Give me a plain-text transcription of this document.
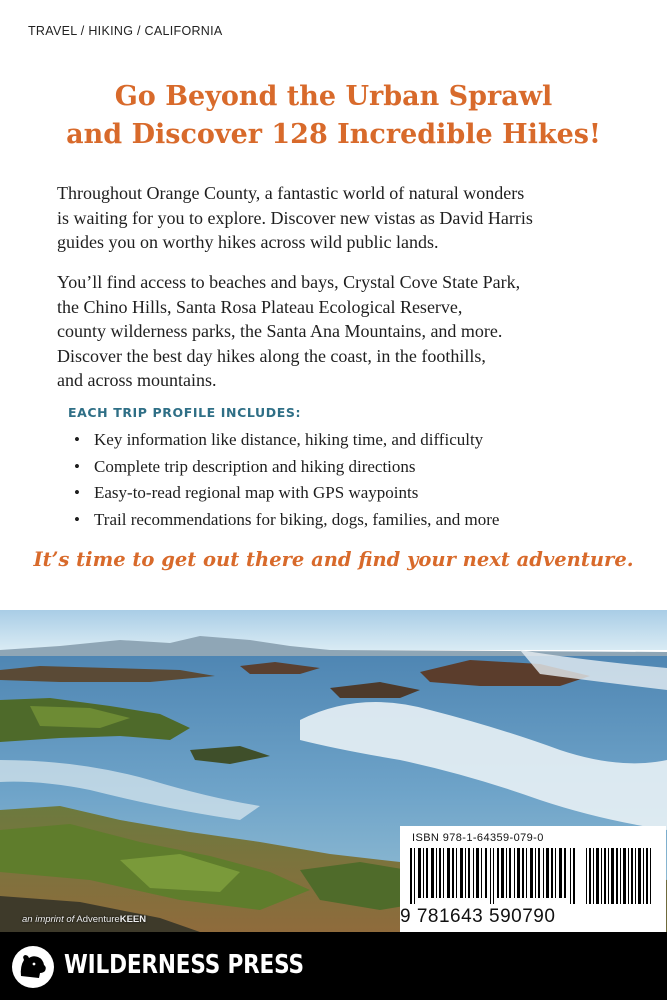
TRAVEL / HIKING / CALIFORNIA
Go Beyond the Urban Sprawl
and Discover 128 Incredible Hikes!
Throughout Orange County, a fantastic world of natural wonders
is waiting for you to explore. Discover new vistas as David Harris
guides you on worthy hikes across wild public lands.
You’ll find access to beaches and bays, Crystal Cove State Park,
the Chino Hills, Santa Rosa Plateau Ecological Reserve,
county wilderness parks, the Santa Ana Mountains, and more.
Discover the best day hikes along the coast, in the foothills,
and across mountains.
EACH TRIP PROFILE INCLUDES:
• Key information like distance, hiking time, and difficulty
• Complete trip description and hiking directions
• Easy-to-read regional map with GPS waypoints
• Trail recommendations for biking, dogs, families, and more
It’s time to get out there and find your next adventure.
ISBN 978-1-64359-079-0
9 781643 590790
an imprint of AdventureKEEN
WILDERNESS PRESS
